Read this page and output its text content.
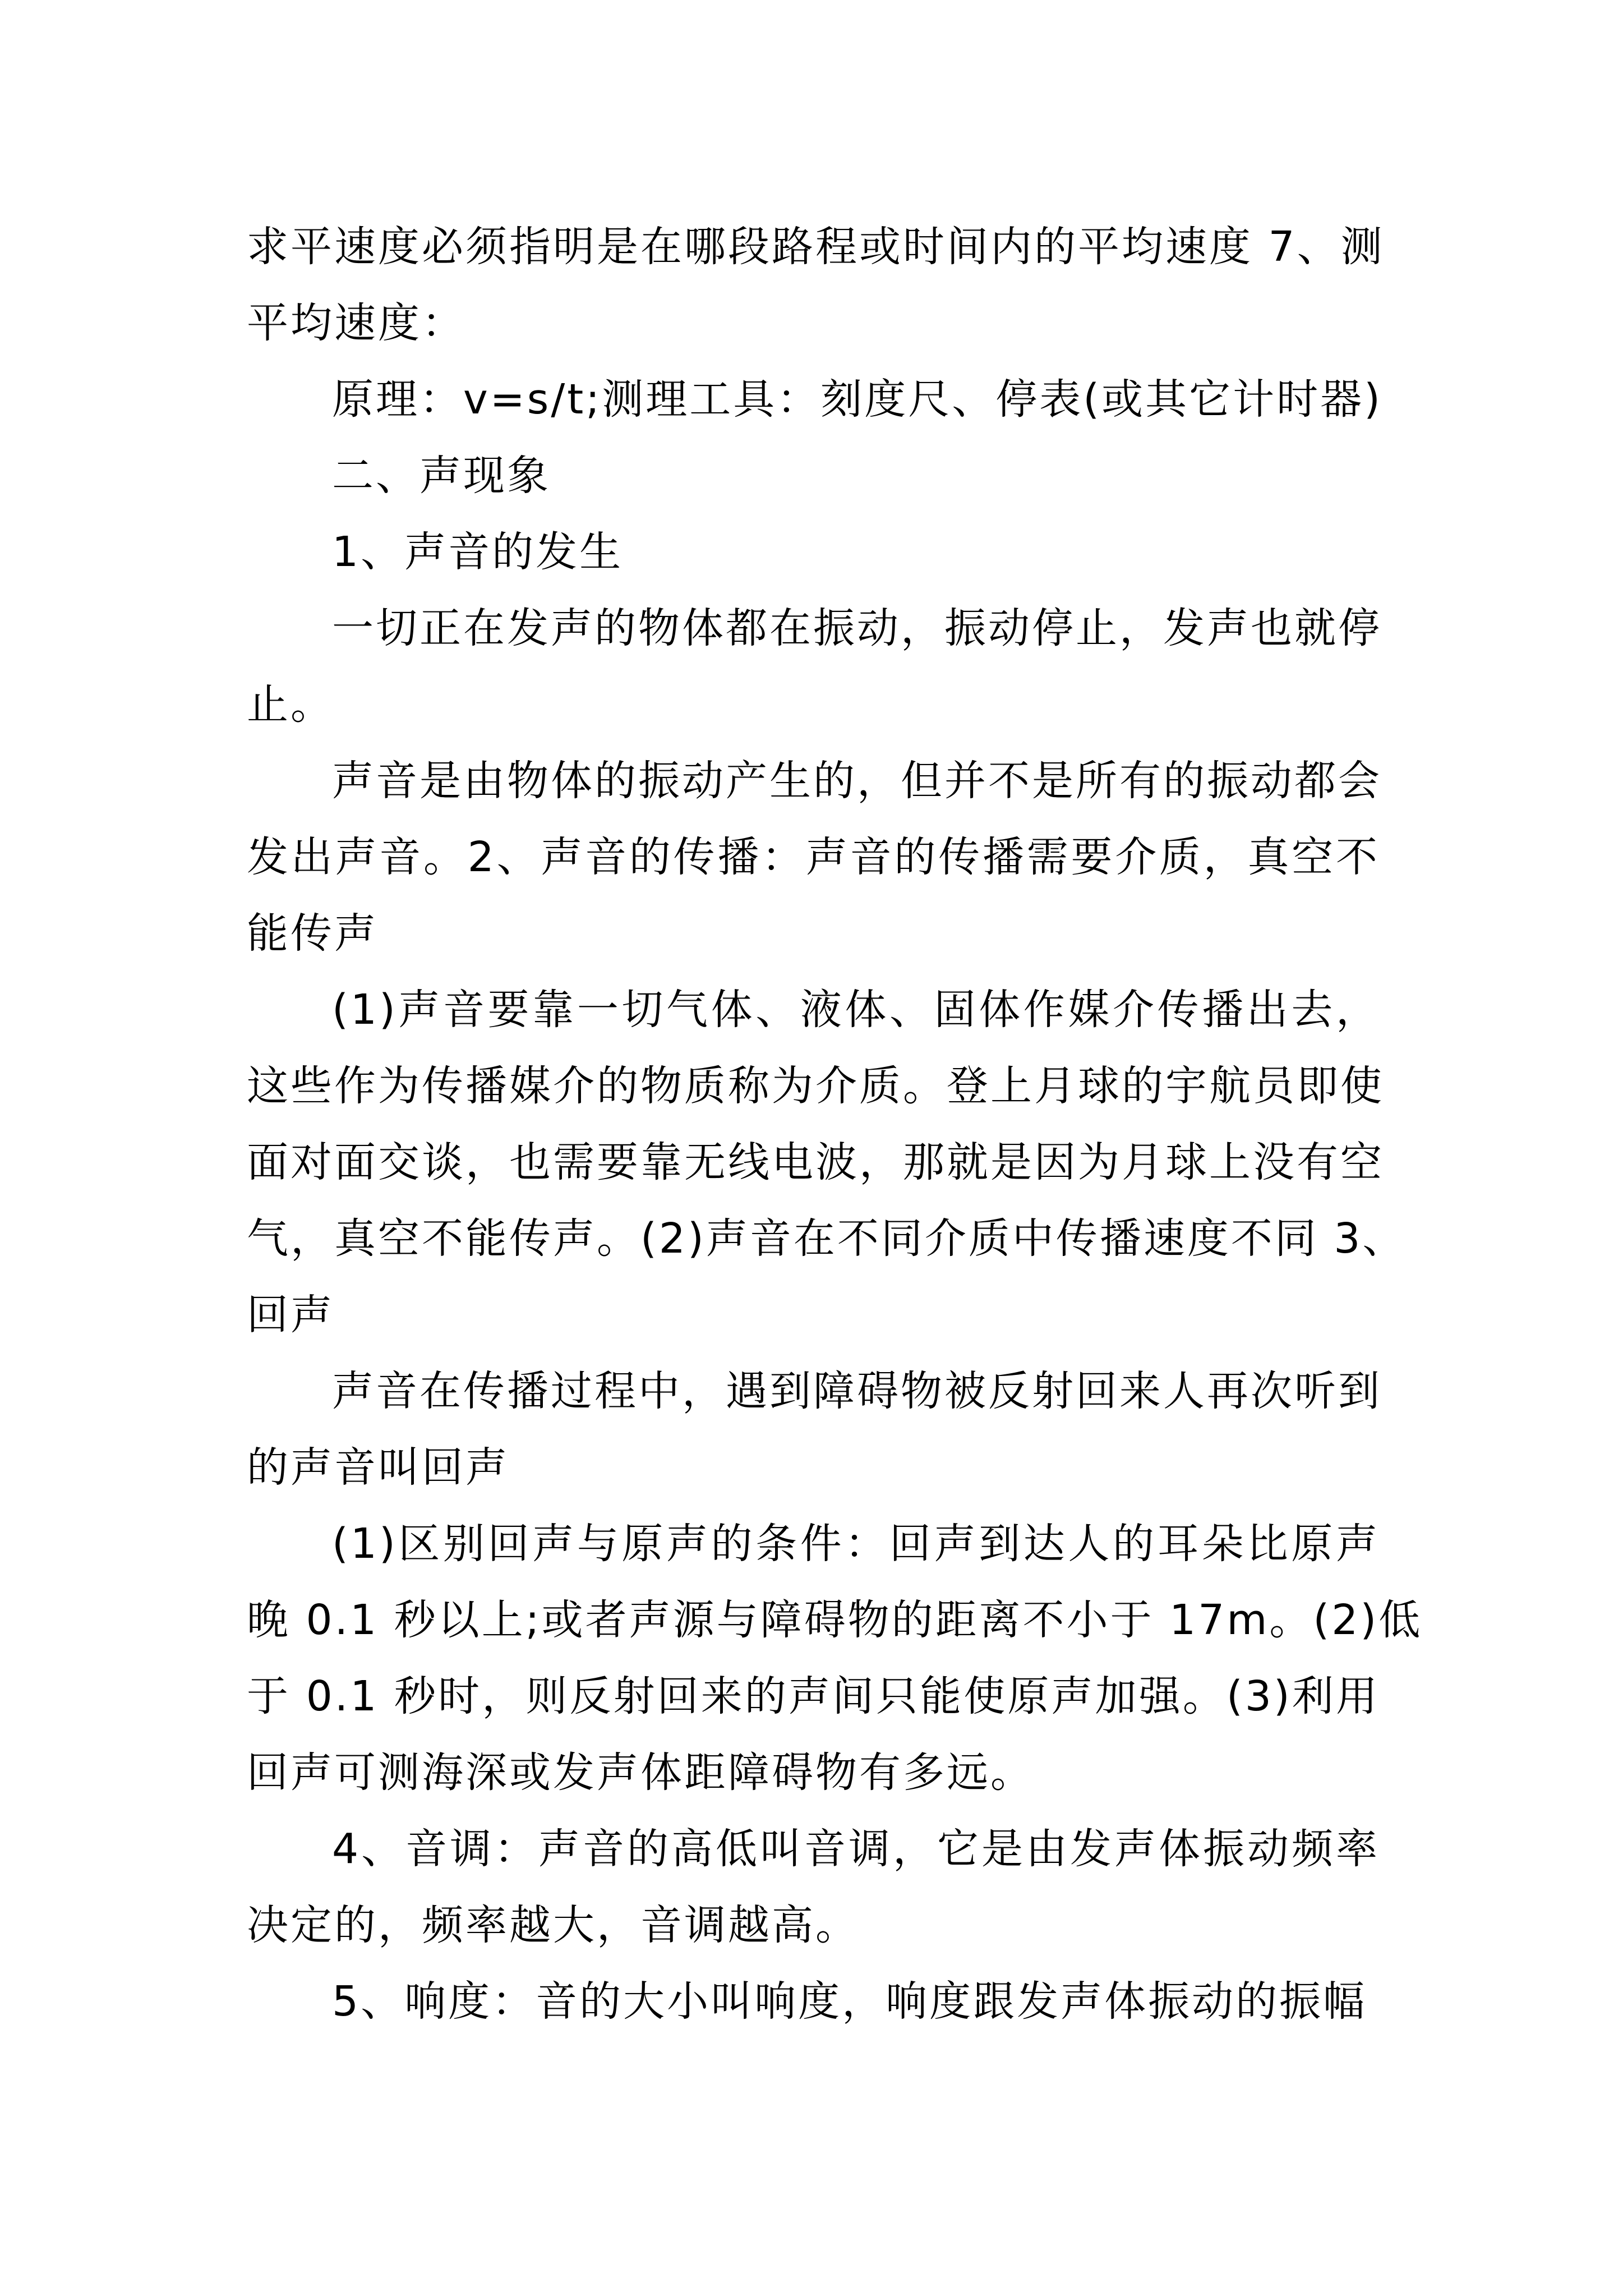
求平速度必须指明是在哪段路程或时间内的平均速度 7、测
平均速度：

原理：v=s/t;测理工具：刻度尺、停表(或其它计时器)

二、声现象

1、声音的发生

一切正在发声的物体都在振动，振动停止，发声也就停
止。

声音是由物体的振动产生的，但并不是所有的振动都会
发出声音。2、声音的传播：声音的传播需要介质，真空不
能传声

(1)声音要靠一切气体、液体、固体作媒介传播出去，
这些作为传播媒介的物质称为介质。登上月球的宇航员即使
面对面交谈，也需要靠无线电波，那就是因为月球上没有空
气，真空不能传声。(2)声音在不同介质中传播速度不同 3、
回声

声音在传播过程中，遇到障碍物被反射回来人再次听到
的声音叫回声

(1)区别回声与原声的条件：回声到达人的耳朵比原声
晚 0.1 秒以上;或者声源与障碍物的距离不小于 17m。(2)低
于 0.1 秒时，则反射回来的声间只能使原声加强。(3)利用
回声可测海深或发声体距障碍物有多远。

4、音调：声音的高低叫音调，它是由发声体振动频率
决定的，频率越大，音调越高。

5、响度：音的大小叫响度，响度跟发声体振动的振幅
